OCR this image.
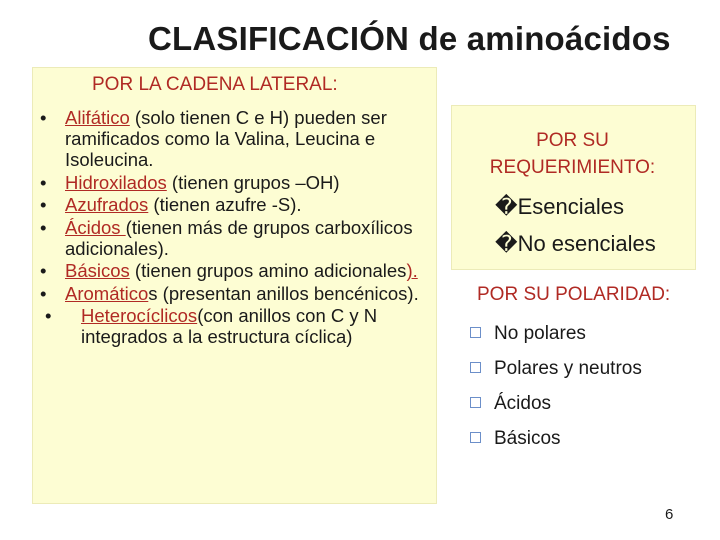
CLASIFICACIÓN de aminoácidos
POR LA CADENA LATERAL:
• Alifático (solo tienen C e H) pueden ser ramificados como la Valina, Leucina e Isoleucina.
• Hidroxilados (tienen grupos –OH)
• Azufrados (tienen azufre -S).
• Ácidos (tienen más de grupos carboxílicos adicionales).
• Básicos (tienen grupos amino adicionales).
• Aromáticos (presentan anillos bencénicos).
• Heterocíclicos(con anillos con C y N integrados a la estructura cíclica)
POR SU
REQUERIMIENTO:
�Esenciales
�No esenciales
POR SU POLARIDAD:
No polares
Polares y neutros
Ácidos
Básicos
6
